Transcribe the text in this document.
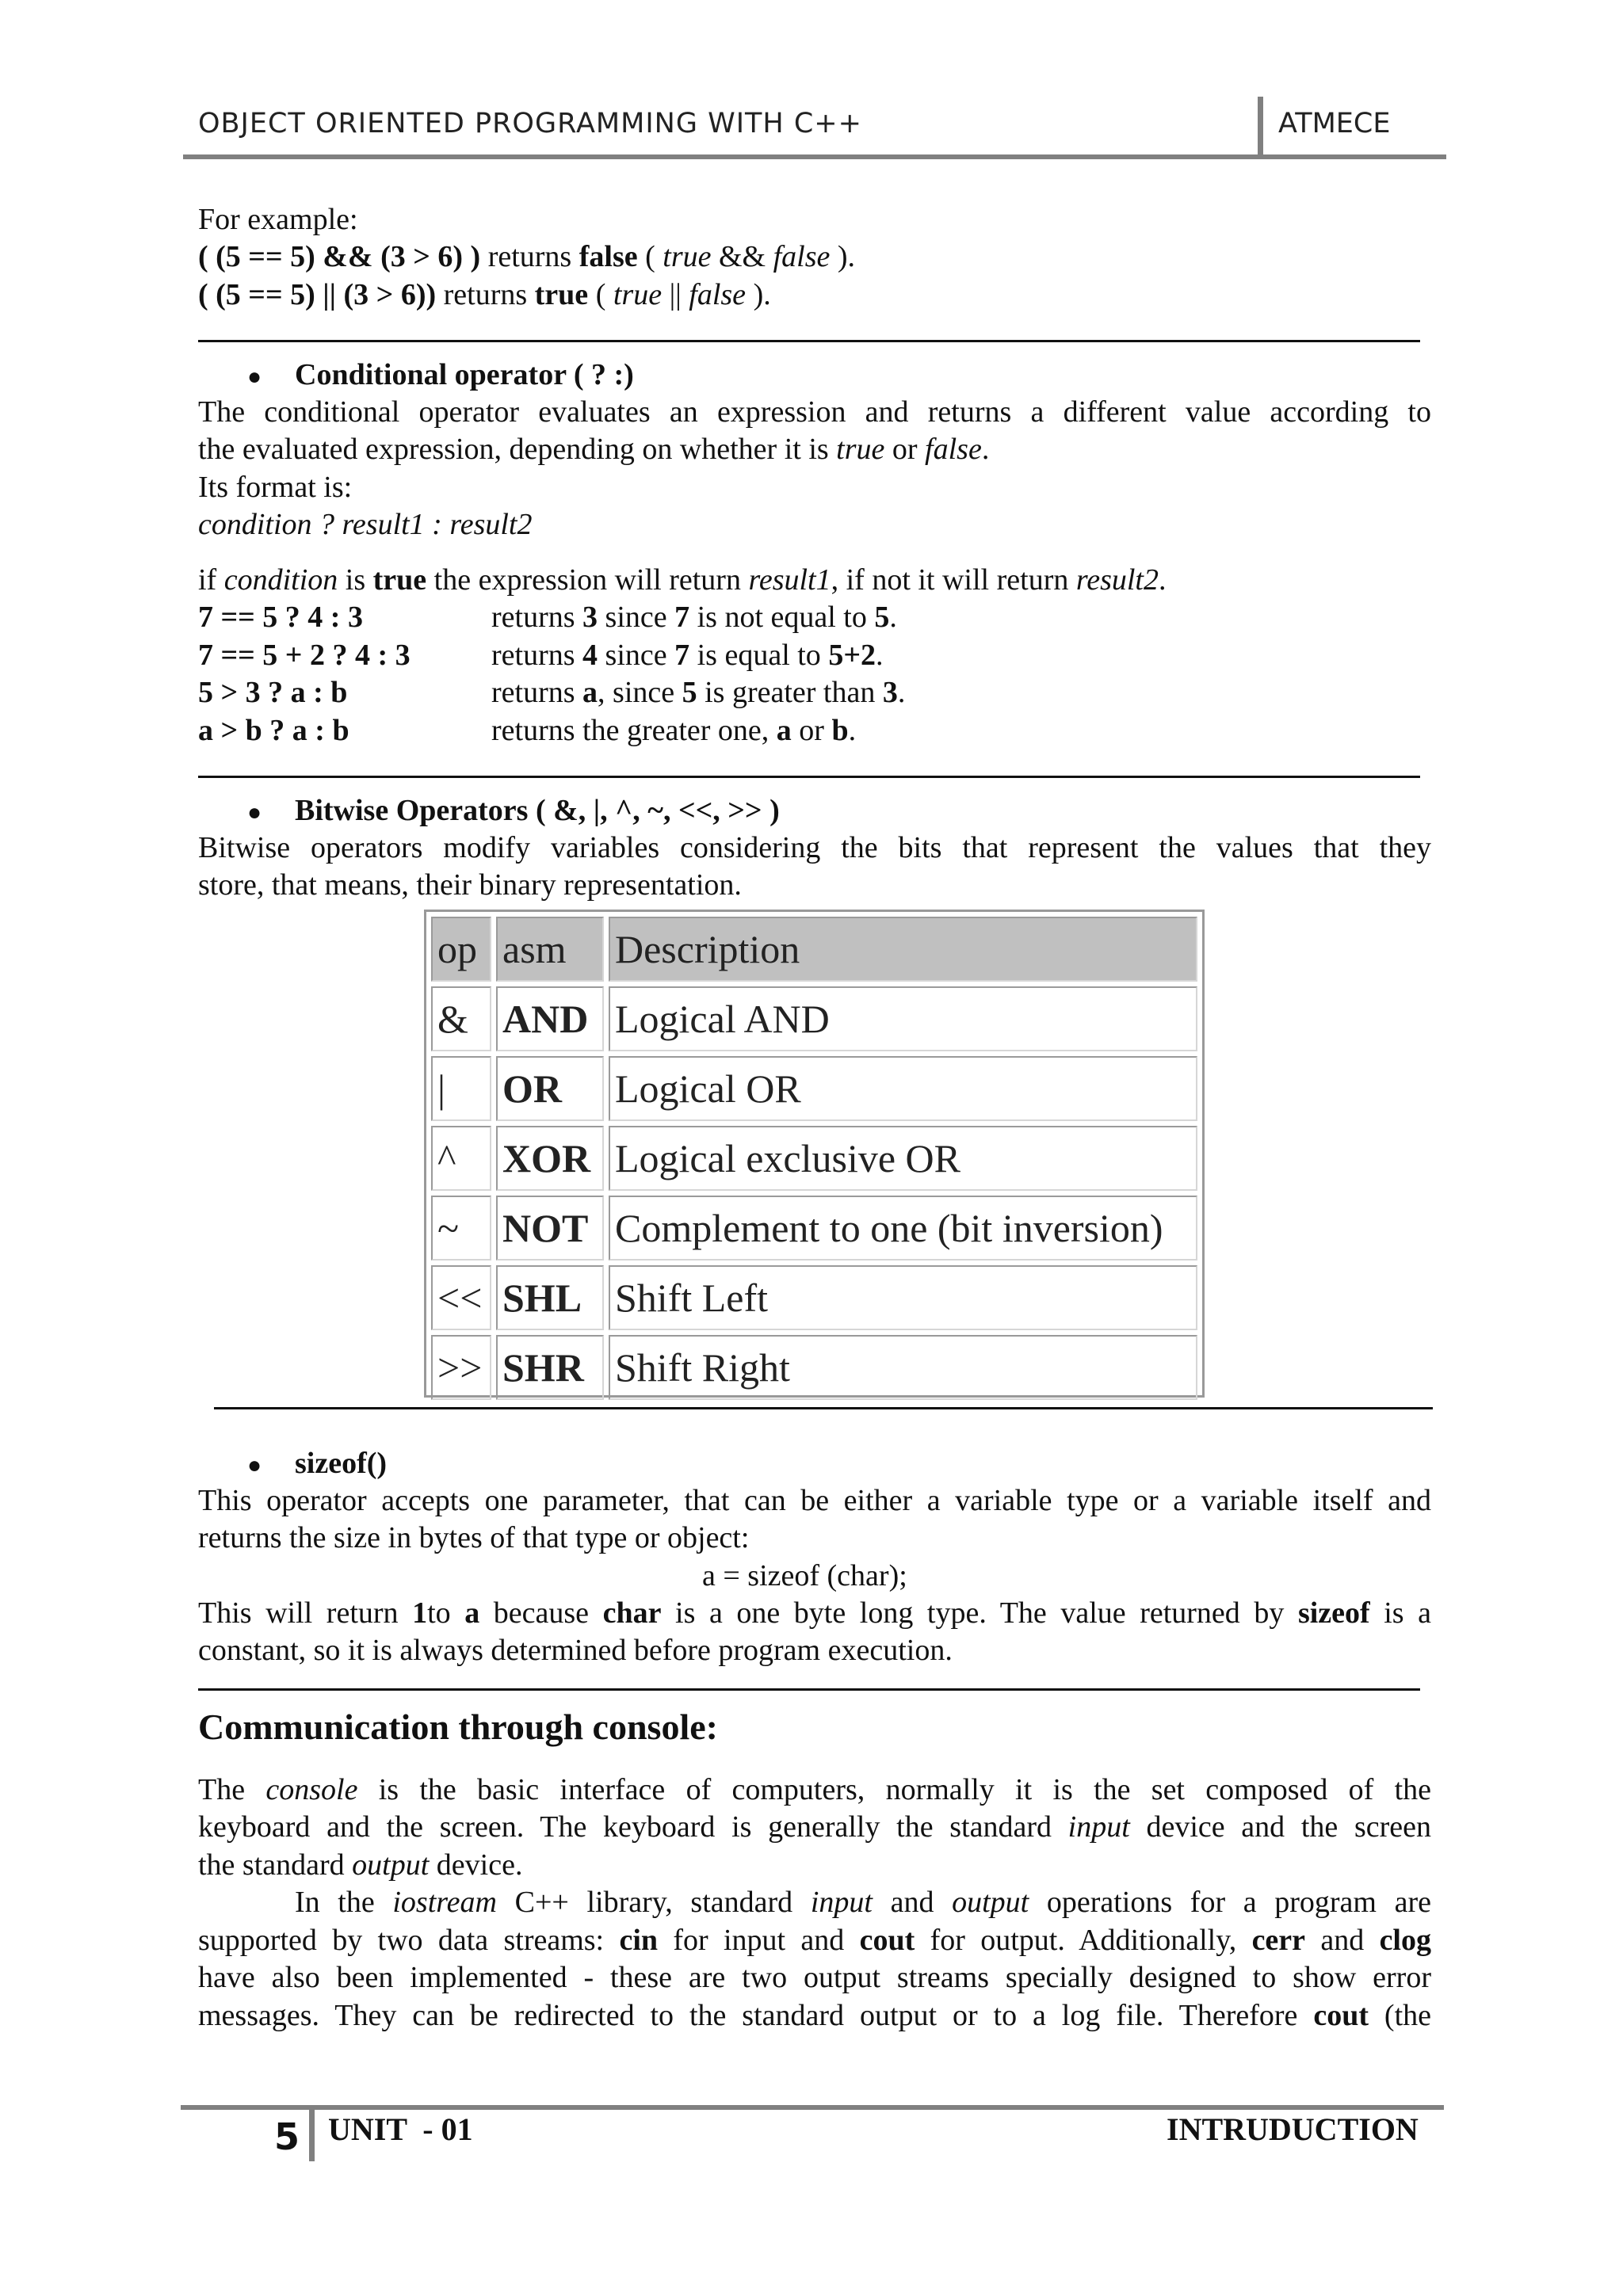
OBJECT ORIENTED PROGRAMMING WITH C++	ATMECE
For example:
( (5 == 5) && (3 > 6) ) returns false ( true && false ).
( (5 == 5) || (3 > 6)) returns true ( true || false ).
● Conditional operator ( ? :)
The conditional operator evaluates an expression and returns a different value according to
the evaluated expression, depending on whether it is true or false.
Its format is:
condition ? result1 : result2
if condition is true the expression will return result1, if not it will return result2.
7 == 5 ? 4 : 3	returns 3 since 7 is not equal to 5.
7 == 5 + 2 ? 4 : 3	returns 4 since 7 is equal to 5+2.
5 > 3 ? a : b	returns a, since 5 is greater than 3.
a > b ? a : b	returns the greater one, a or b.
● Bitwise Operators ( &, |, ^, ~, <<, >> )
Bitwise operators modify variables considering the bits that represent the values that they
store, that means, their binary representation.
op	asm	Description
&	AND	Logical AND
|	OR	Logical OR
^	XOR	Logical exclusive OR
~	NOT	Complement to one (bit inversion)
<<	SHL	Shift Left
>>	SHR	Shift Right
● sizeof()
This operator accepts one parameter, that can be either a variable type or a variable itself and
returns the size in bytes of that type or object:
a = sizeof (char);
This will return 1to a because char is a one byte long type. The value returned by sizeof is a
constant, so it is always determined before program execution.
Communication through console:
The console is the basic interface of computers, normally it is the set composed of the
keyboard and the screen. The keyboard is generally the standard input device and the screen
the standard output device.
In the iostream C++ library, standard input and output operations for a program are
supported by two data streams: cin for input and cout for output. Additionally, cerr and clog
have also been implemented - these are two output streams specially designed to show error
messages. They can be redirected to the standard output or to a log file. Therefore cout (the
5 UNIT  - 01	INTRUDUCTION
